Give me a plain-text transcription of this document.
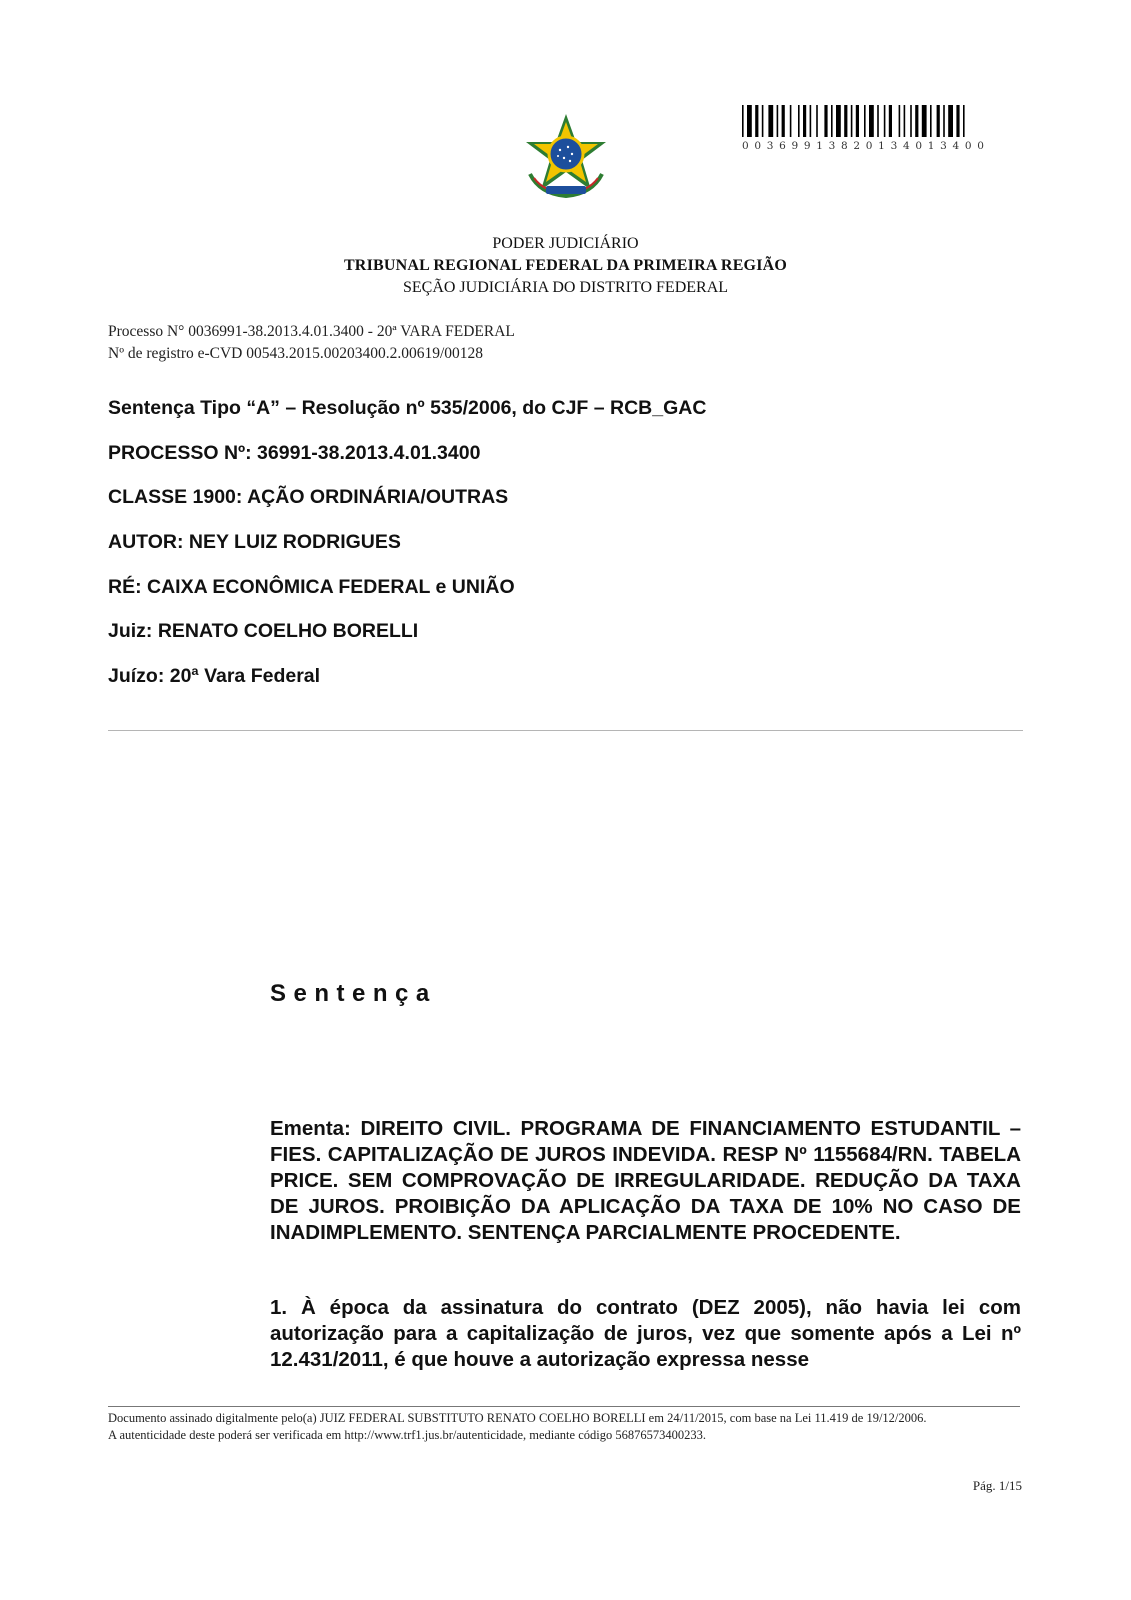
00369913820134013400
PODER JUDICIÁRIO
TRIBUNAL REGIONAL FEDERAL DA PRIMEIRA REGIÃO
SEÇÃO JUDICIÁRIA DO DISTRITO FEDERAL
Processo N° 0036991-38.2013.4.01.3400 - 20ª VARA FEDERAL
Nº de registro e-CVD 00543.2015.00203400.2.00619/00128
Sentença Tipo “A” – Resolução nº 535/2006, do CJF – RCB_GAC
PROCESSO Nº: 36991-38.2013.4.01.3400
CLASSE 1900: AÇÃO ORDINÁRIA/OUTRAS
AUTOR: NEY LUIZ RODRIGUES
RÉ: CAIXA ECONÔMICA FEDERAL e UNIÃO
Juiz: RENATO COELHO BORELLI
Juízo: 20ª Vara Federal
Sentença

Ementa: DIREITO CIVIL. PROGRAMA DE FINANCIAMENTO ESTUDANTIL – FIES. CAPITALIZAÇÃO DE JUROS INDEVIDA. RESP Nº 1155684/RN. TABELA PRICE. SEM COMPROVAÇÃO DE IRREGULARIDADE. REDUÇÃO DA TAXA DE JUROS. PROIBIÇÃO DA APLICAÇÃO DA TAXA DE 10% NO CASO DE INADIMPLEMENTO. SENTENÇA PARCIALMENTE PROCEDENTE.

1. À época da assinatura do contrato (DEZ 2005), não havia lei com autorização para a capitalização de juros, vez que somente após a Lei nº 12.431/2011, é que houve a autorização expressa nesse

Documento assinado digitalmente pelo(a) JUIZ FEDERAL SUBSTITUTO RENATO COELHO BORELLI em 24/11/2015, com base na Lei 11.419 de 19/12/2006.

A autenticidade deste poderá ser verificada em http://www.trf1.jus.br/autenticidade, mediante código 56876573400233.

Pág. 1/15
